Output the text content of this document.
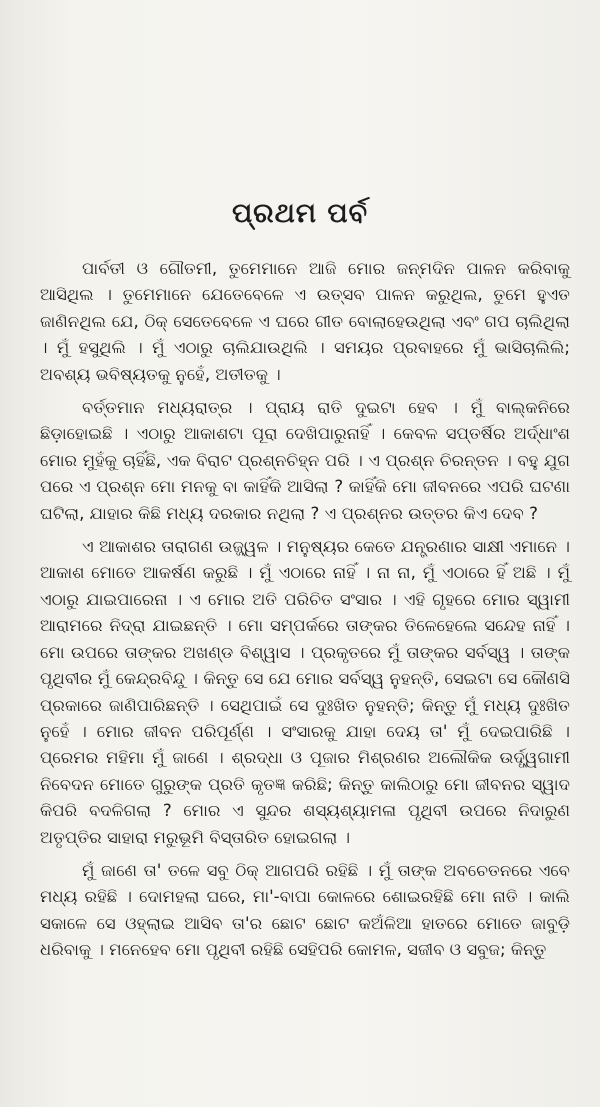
ପ୍ରଥମ ପର୍ବ

ପାର୍ବତୀ ଓ ଗୌତମୀ, ତୁମେମାନେ ଆଜି ମୋର ଜନ୍ମଦିନ ପାଳନ କରିବାକୁ ଆସିଥିଲ । ତୁମେମାନେ ଯେତେବେଳେ ଏ ଉତ୍ସବ ପାଳନ କରୁଥିଲ, ତୁମେ ହୁଏତ ଜାଣିନଥିଲ ଯେ, ଠିକ୍ ସେତେବେଳେ ଏ ଘରେ ଗୀତ ବୋଲାହେଉଥିଲା ଏବଂ ଗପ ଚାଲିଥିଲା । ମୁଁ ହସୁଥିଲି । ମୁଁ ଏଠାରୁ ଚାଲିଯାଉଥିଲି । ସମୟର ପ୍ରବାହରେ ମୁଁ ଭାସିଚାଲିଲି; ଅବଶ୍ୟ ଭବିଷ୍ୟତକୁ ନୁହେଁ, ଅତୀତକୁ ।

ବର୍ତ୍ତମାନ ମଧ୍ୟରାତ୍ର । ପ୍ରାୟ ରାତି ଦୁଇଟା ହେବ । ମୁଁ ବାଲ୍କନିରେ ଛିଡ଼ାହୋଇଛି । ଏଠାରୁ ଆକାଶଟା ପୂରା ଦେଖିପାରୁନାହିଁ । କେବଳ ସପ୍ତର୍ଷିର ଅର୍ଦ୍ଧାଂଶ ମୋର ମୁହଁକୁ ଚାହିଁଛି, ଏକ ବିରାଟ ପ୍ରଶ୍ନଚିହ୍ନ ପରି । ଏ ପ୍ରଶ୍ନ ଚିରନ୍ତନ । ବହୁ ଯୁଗ ପରେ ଏ ପ୍ରଶ୍ନ ମୋ ମନକୁ ବା କାହିଁକି ଆସିଲା ? କାହିଁକି ମୋ ଜୀବନରେ ଏପରି ଘଟଣା ଘଟିଲା, ଯାହାର କିଛି ମଧ୍ୟ ଦରକାର ନଥିଲା ? ଏ ପ୍ରଶ୍ନର ଉତ୍ତର କିଏ ଦେବ ?

ଏ ଆକାଶର ତାରାଗଣ ଉଜ୍ଜ୍ୱଳ । ମନୁଷ୍ୟର କେତେ ଯନ୍ତ୍ରଣାର ସାକ୍ଷୀ ଏମାନେ । ଆକାଶ ମୋତେ ଆକର୍ଷଣ କରୁଛି । ମୁଁ ଏଠାରେ ନାହିଁ । ନା ନା, ମୁଁ ଏଠାରେ ହିଁ ଅଛି । ମୁଁ ଏଠାରୁ ଯାଇପାରେନା । ଏ ମୋର ଅତି ପରିଚିତ ସଂସାର । ଏହି ଗୃହରେ ମୋର ସ୍ୱାମୀ ଆରାମରେ ନିଦ୍ରା ଯାଇଛନ୍ତି । ମୋ ସମ୍ପର୍କରେ ତାଙ୍କର ତିଳେହେଲେ ସନ୍ଦେହ ନାହିଁ । ମୋ ଉପରେ ତାଙ୍କର ଅଖଣ୍ଡ ବିଶ୍ୱାସ । ପ୍ରକୃତରେ ମୁଁ ତାଙ୍କର ସର୍ବସ୍ୱ । ତାଙ୍କ ପୃଥିବୀର ମୁଁ କେନ୍ଦ୍ରବିନ୍ଦୁ । କିନ୍ତୁ ସେ ଯେ ମୋର ସର୍ବସ୍ୱ ନୁହନ୍ତି, ସେଇଟା ସେ କୌଣସି ପ୍ରକାରେ ଜାଣିପାରିଛନ୍ତି । ସେଥିପାଇଁ ସେ ଦୁଃଖିତ ନୁହନ୍ତି; କିନ୍ତୁ ମୁଁ ମଧ୍ୟ ଦୁଃଖିତ ନୁହେଁ । ମୋର ଜୀବନ ପରିପୂର୍ଣ୍ଣ । ସଂସାରକୁ ଯାହା ଦେୟ ତା' ମୁଁ ଦେଇପାରିଛି । ପ୍ରେମର ମହିମା ମୁଁ ଜାଣେ । ଶ୍ରଦ୍ଧା ଓ ପୂଜାର ମିଶ୍ରଣର ଅଲୌକିକ ଉର୍ଦ୍ଧ୍ୱଗାମୀ ନିବେଦନ ମୋତେ ଗୁରୁଙ୍କ ପ୍ରତି କୃତଜ୍ଞ କରିଛି; କିନ୍ତୁ କାଲିଠାରୁ ମୋ ଜୀବନର ସ୍ୱାଦ କିପରି ବଦଳିଗଲା ? ମୋର ଏ ସୁନ୍ଦର ଶସ୍ୟଶ୍ୟାମଳା ପୃଥିବୀ ଉପରେ ନିଦାରୁଣ ଅତୃପ୍ତିର ସାହାରା ମରୁଭୂମି ବିସ୍ତାରିତ ହୋଇଗଲା ।

ମୁଁ ଜାଣେ ତା' ତଳେ ସବୁ ଠିକ୍ ଆଗପରି ରହିଛି । ମୁଁ ତାଙ୍କ ଅବଚେତନରେ ଏବେ ମଧ୍ୟ ରହିଛି । ଦୋମହଲା ଘରେ, ମା'-ବାପା କୋଳରେ ଶୋଇରହିଛି ମୋ ନାତି । କାଲି ସକାଳେ ସେ ଓହ୍ଲାଇ ଆସିବ ତା'ର ଛୋଟ ଛୋଟ କଅଁଳିଆ ହାତରେ ମୋତେ ଜାବୁଡ଼ି ଧରିବାକୁ । ମନେହେବ ମୋ ପୃଥିବୀ ରହିଛି ସେହିପରି କୋମଳ, ସଜୀବ ଓ ସବୁଜ; କିନ୍ତୁ
